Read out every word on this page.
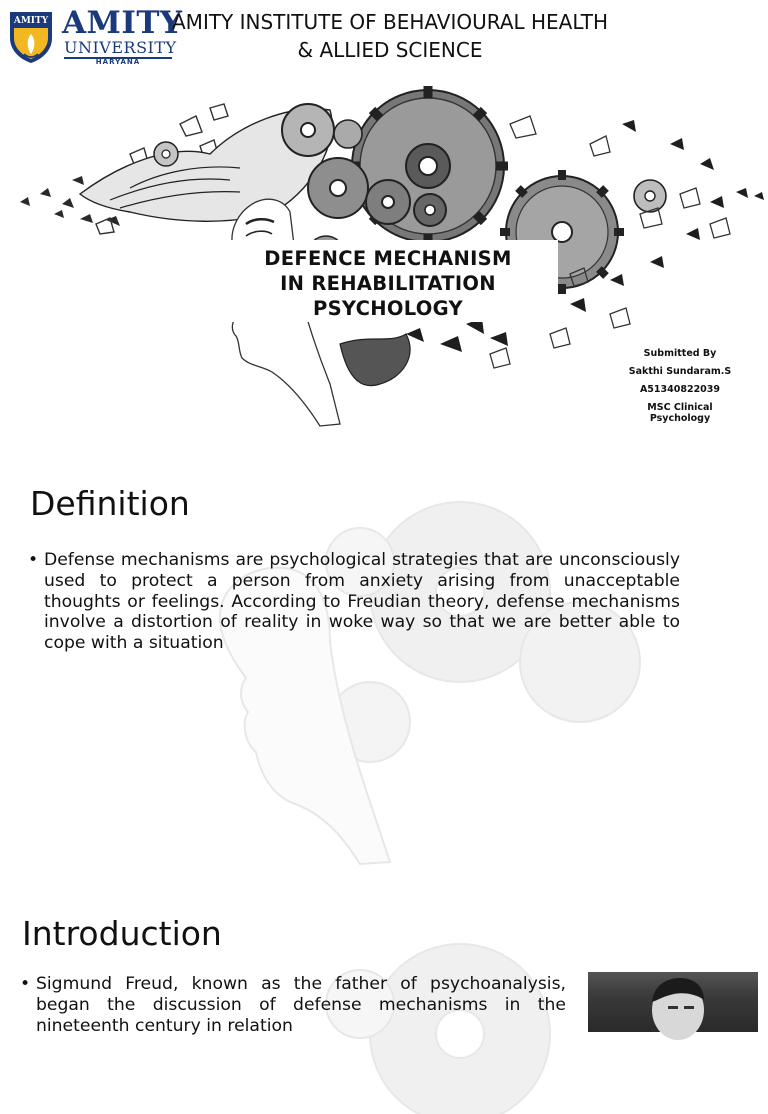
AMITY AMITY
UNIVERSITY
HARYANA
AMITY INSTITUTE OF BEHAVIOURAL HEALTH
& ALLIED SCIENCE
DEFENCE MECHANISM
IN REHABILITATION
PSYCHOLOGY
Submitted By
Sakthi Sundaram.S
A51340822039
MSC Clinical
Psychology
Definition
• Defense mechanisms are psychological strategies that are unconsciously used to protect a person from anxiety arising from unacceptable thoughts or feelings. According to Freudian theory, defense mechanisms involve a distortion of reality in woke way so that we are better able to cope with a situation
Introduction
• Sigmund Freud, known as the father of psychoanalysis, began the discussion of defense mechanisms in the nineteenth century in relation
